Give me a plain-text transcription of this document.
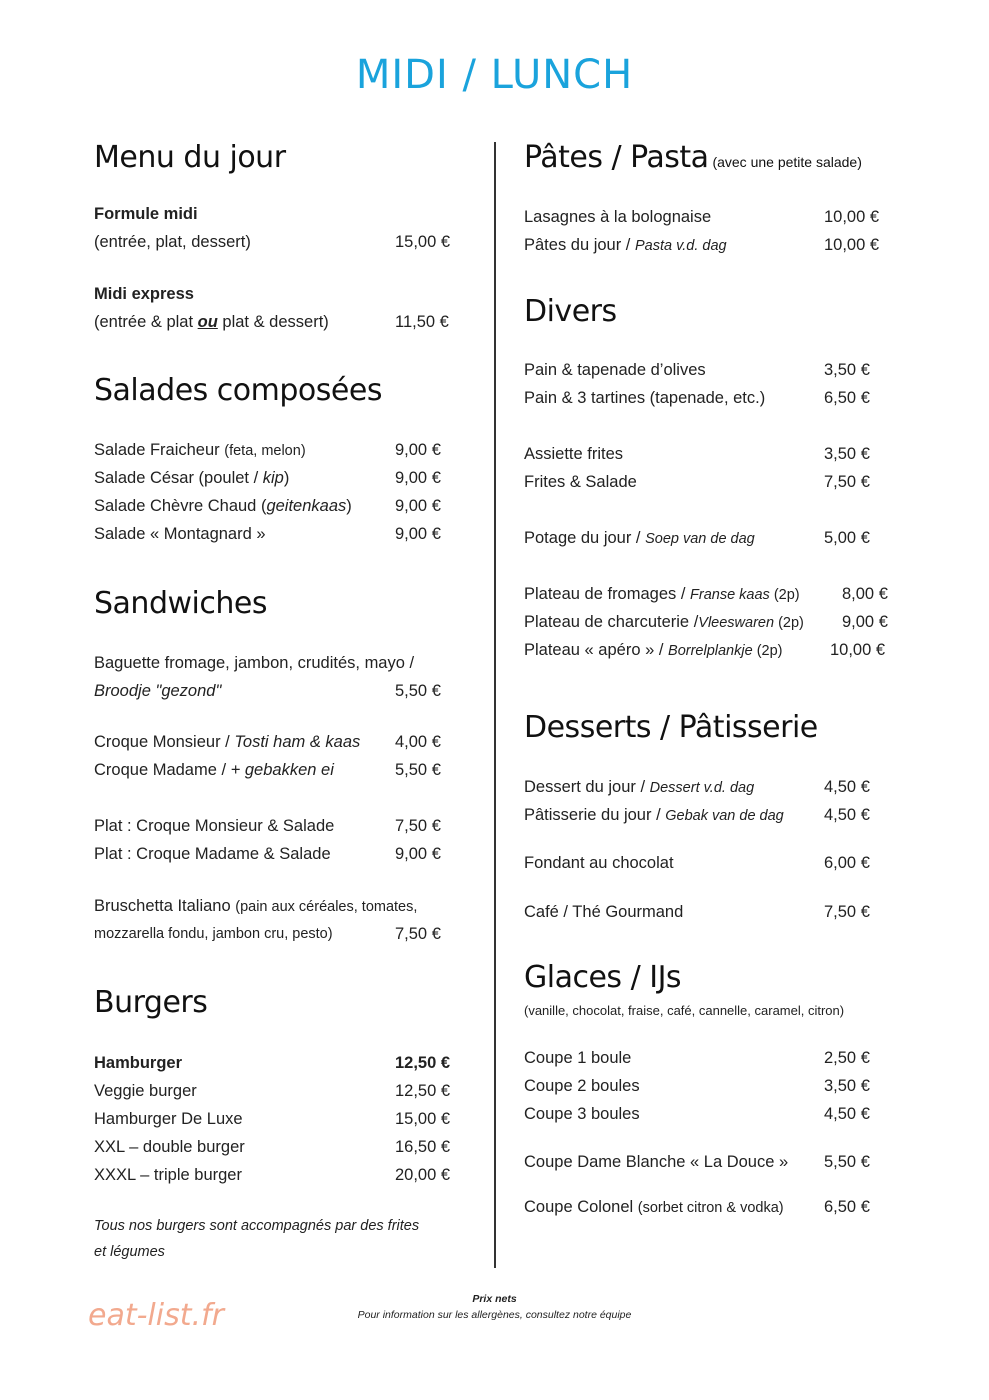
MIDI / LUNCH
Menu du jour
Formule midi
(entrée, plat, dessert)	15,00 €
Midi express
(entrée & plat ou plat & dessert)	11,50 €
Salades composées
Salade Fraicheur (feta, melon)	9,00 €
Salade César (poulet / kip)	9,00 €
Salade Chèvre Chaud (geitenkaas)	9,00 €
Salade « Montagnard »	9,00 €
Sandwiches
Baguette fromage, jambon, crudités, mayo /
Broodje "gezond"	5,50 €
Croque Monsieur / Tosti ham & kaas 4,00 €
Croque Madame / + gebakken ei	5,50 €
Plat : Croque Monsieur & Salade	7,50 €
Plat : Croque Madame & Salade	9,00 €
Bruschetta Italiano (pain aux céréales, tomates,
mozzarella fondu, jambon cru, pesto)	7,50 €
Burgers
Hamburger	12,50 €
Veggie burger	12,50 €
Hamburger De Luxe	15,00 €
XXL – double burger	16,50 €
XXXL – triple burger	20,00 €
Tous nos burgers sont accompagnés par des frites
et légumes
Pâtes / Pasta (avec une petite salade)
Lasagnes à la bolognaise	10,00 €
Pâtes du jour / Pasta v.d. dag	10,00 €
Divers
Pain & tapenade d’olives	3,50 €
Pain & 3 tartines (tapenade, etc.)	6,50 €
Assiette frites	3,50 €
Frites & Salade	7,50 €
Potage du jour / Soep van de dag	5,00 €
Plateau de fromages / Franse kaas (2p)	8,00 €
Plateau de charcuterie /Vleeswaren (2p) 9,00 €
Plateau « apéro » / Borrelplankje (2p)	10,00 €
Desserts / Pâtisserie
Dessert du jour / Dessert v.d. dag	4,50 €
Pâtisserie du jour / Gebak van de dag 4,50 €
Fondant au chocolat	6,00 €
Café / Thé Gourmand	7,50 €
Glaces / IJs
(vanille, chocolat, fraise, café, cannelle, caramel, citron)
Coupe 1 boule	2,50 €
Coupe 2 boules	3,50 €
Coupe 3 boules	4,50 €
Coupe Dame Blanche « La Douce » 5,50 €
Coupe Colonel (sorbet citron & vodka) 6,50 €
Prix nets
Pour information sur les allergènes, consultez notre équipe
eat-list.fr
